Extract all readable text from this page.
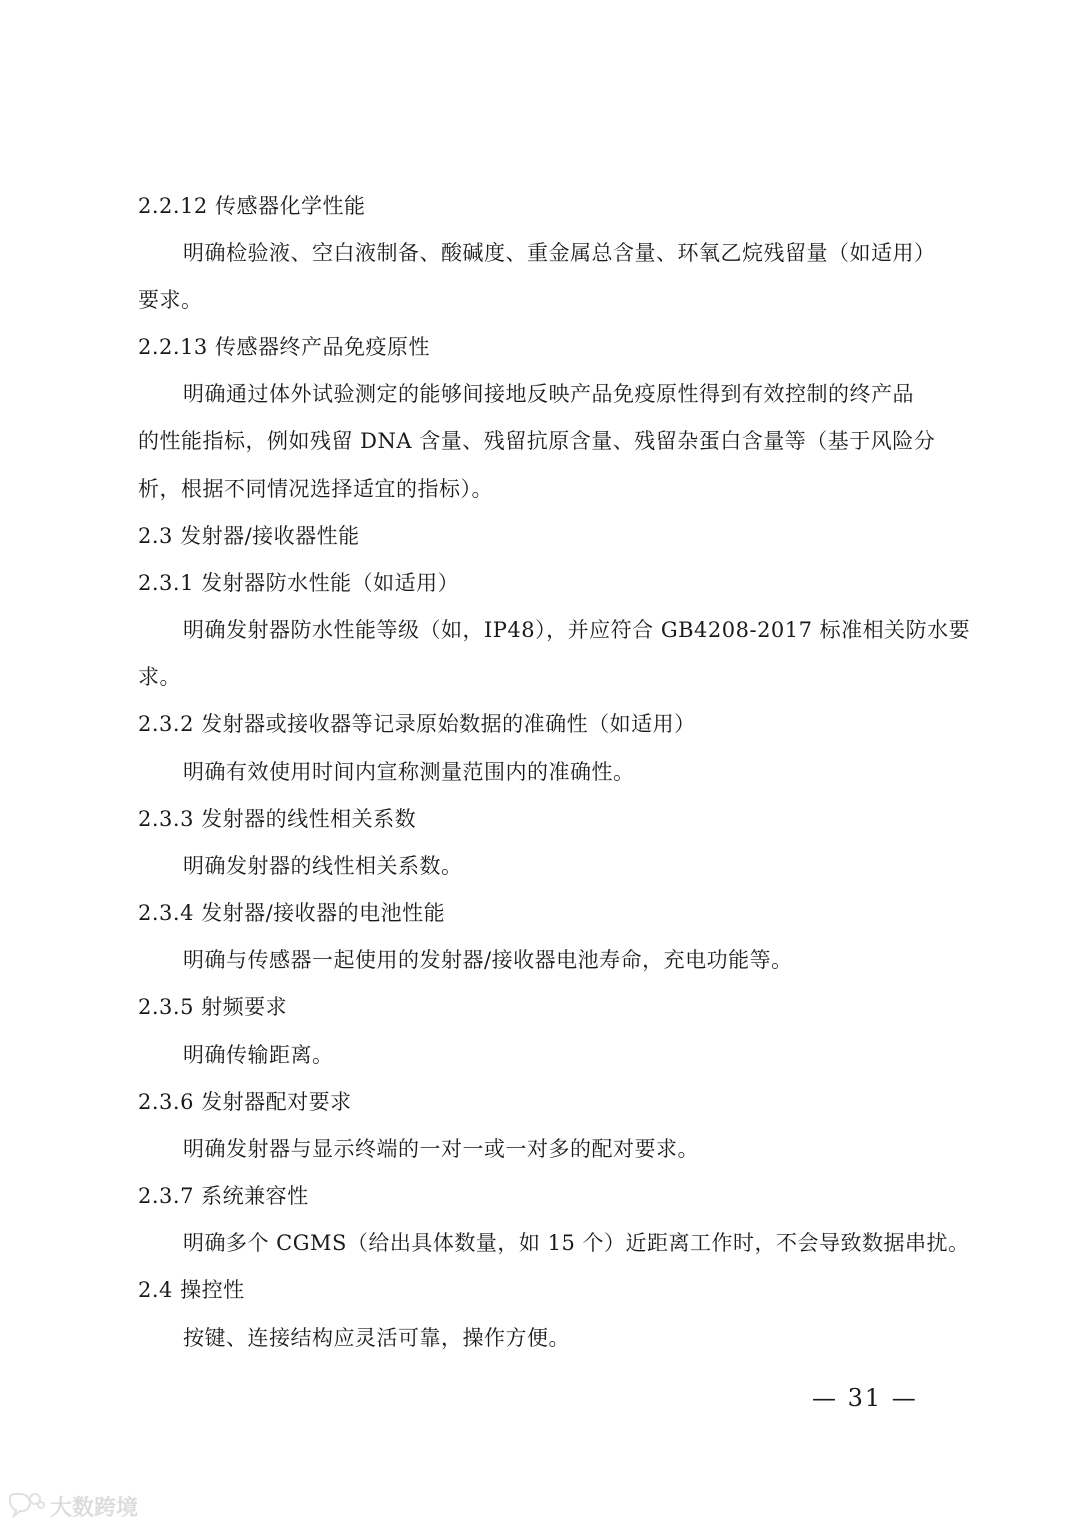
2.2.12 传感器化学性能
明确检验液、空白液制备、酸碱度、重金属总含量、环氧乙烷残留量（如适用）
要求。
2.2.13 传感器终产品免疫原性
明确通过体外试验测定的能够间接地反映产品免疫原性得到有效控制的终产品
的性能指标，例如残留 DNA 含量、残留抗原含量、残留杂蛋白含量等（基于风险分
析，根据不同情况选择适宜的指标）。
2.3 发射器/接收器性能
2.3.1 发射器防水性能（如适用）
明确发射器防水性能等级（如，IP48），并应符合 GB4208-2017 标准相关防水要
求。
2.3.2 发射器或接收器等记录原始数据的准确性（如适用）
明确有效使用时间内宣称测量范围内的准确性。
2.3.3 发射器的线性相关系数
明确发射器的线性相关系数。
2.3.4 发射器/接收器的电池性能
明确与传感器一起使用的发射器/接收器电池寿命，充电功能等。
2.3.5 射频要求
明确传输距离。
2.3.6 发射器配对要求
明确发射器与显示终端的一对一或一对多的配对要求。
2.3.7 系统兼容性
明确多个 CGMS（给出具体数量，如 15 个）近距离工作时，不会导致数据串扰。
2.4 操控性
按键、连接结构应灵活可靠，操作方便。
— 31 —
大数跨境
